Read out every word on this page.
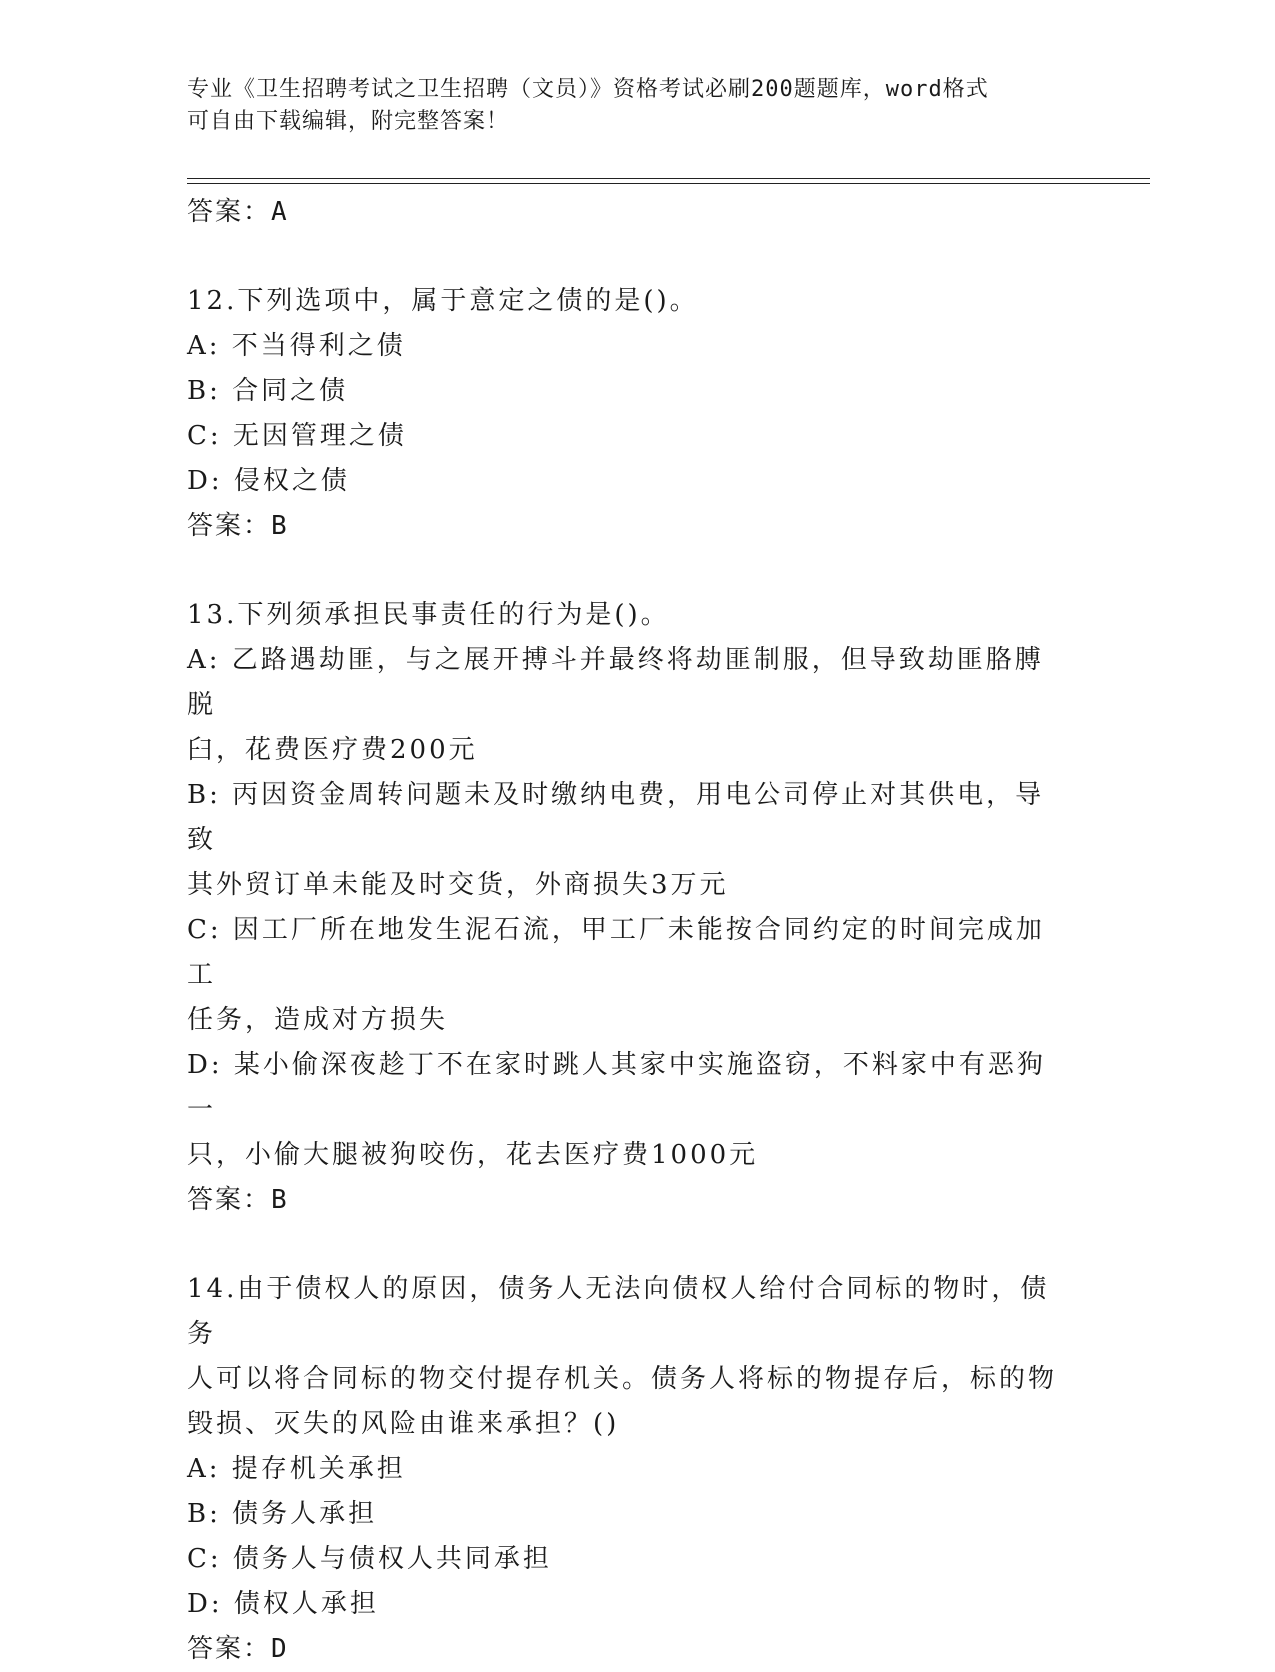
专业《卫生招聘考试之卫生招聘（文员）》资格考试必刷200题题库，word格式
可自由下载编辑，附完整答案！
答案：A
12.下列选项中，属于意定之债的是()。
A: 不当得利之债
B: 合同之债
C: 无因管理之债
D: 侵权之债
答案：B
13.下列须承担民事责任的行为是()。
A: 乙路遇劫匪，与之展开搏斗并最终将劫匪制服，但导致劫匪胳膊脱
臼，花费医疗费200元
B: 丙因资金周转问题未及时缴纳电费，用电公司停止对其供电，导致
其外贸订单未能及时交货，外商损失3万元
C: 因工厂所在地发生泥石流，甲工厂未能按合同约定的时间完成加工
任务，造成对方损失
D: 某小偷深夜趁丁不在家时跳人其家中实施盗窃，不料家中有恶狗一
只，小偷大腿被狗咬伤，花去医疗费1000元
答案：B
14.由于债权人的原因，债务人无法向债权人给付合同标的物时，债务
人可以将合同标的物交付提存机关。债务人将标的物提存后，标的物
毁损、灭失的风险由谁来承担？()
A: 提存机关承担
B: 债务人承担
C: 债务人与债权人共同承担
D: 债权人承担
答案：D
